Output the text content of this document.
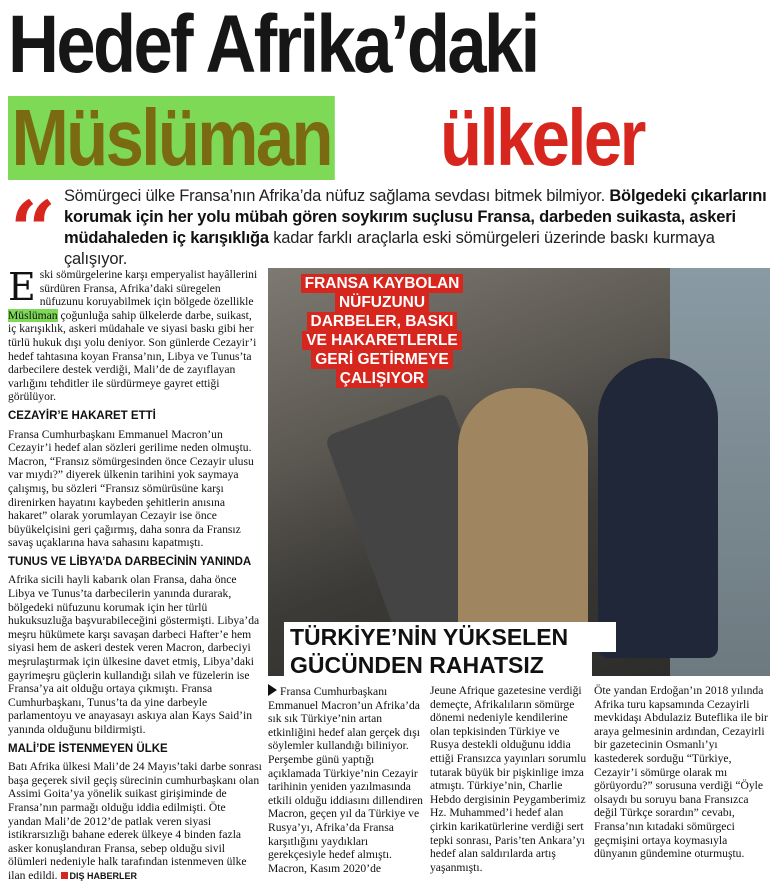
Hedef Afrika’daki
Müslüman ülkeler
“ Sömürgeci ülke Fransa’nın Afrika’da nüfuz sağlama sevdası bitmek bilmiyor. Bölgedeki çıkarlarını korumak için her yolu mübah gören soykırım suçlusu Fransa, darbeden suikasta, askeri müdahaleden iç karışıklığa kadar farklı araçlarla eski sömürgeleri üzerinde baskı kurmaya çalışıyor.

Eski sömürgelerine karşı emperyalist hayâllerini sürdüren Fransa, Afrika’daki süregelen nüfuzunu koruyabilmek için bölgede özellikle Müslüman çoğunluğa sahip ülkelerde darbe, suikast, iç karışıklık, askeri müdahale ve siyasi baskı gibi her türlü hukuk dışı yolu deniyor. Son günlerde Cezayir’i hedef tahtasına koyan Fransa’nın, Libya ve Tunus’ta darbecilere destek verdiği, Mali’de de zayıflayan varlığını tehditler ile sürdürmeye gayret ettiği görülüyor.

CEZAYİR’E HAKARET ETTİ

Fransa Cumhurbaşkanı Emmanuel Macron’un Cezayir’i hedef alan sözleri gerilime neden olmuştu. Macron, “Fransız sömürgesinden önce Cezayir ulusu var mıydı?” diyerek ülkenin tarihini yok saymaya çalışmış, bu sözleri “Fransız sömürüsüne karşı direnirken hayatını kaybeden şehitlerin anısına hakaret” olarak yorumlayan Cezayir ise önce büyükelçisini geri çağırmış, daha sonra da Fransız savaş uçaklarına hava sahasını kapatmıştı.

TUNUS VE LİBYA’DA DARBECİNİN YANINDA

Afrika sicili hayli kabarık olan Fransa, daha önce Libya ve Tunus’ta darbecilerin yanında durarak, bölgedeki nüfuzunu korumak için her türlü hukuksuzluğa başvurabileceğini göstermişti. Libya’da meşru hükümete karşı savaşan darbeci Hafter’e hem siyasi hem de askeri destek veren Macron, darbeciyi meşrulaştırmak için ülkesine davet etmiş, Libya’daki gayrimeşru güçlerin kullandığı silah ve füzelerin ise Fransa’ya ait olduğu ortaya çıkmıştı. Fransa Cumhurbaşkanı, Tunus’ta da yine darbeyle parlamentoyu ve anayasayı askıya alan Kays Said’in yanında olduğunu bildirmişti.

MALİ’DE İSTENMEYEN ÜLKE

Batı Afrika ülkesi Mali’de 24 Mayıs’taki darbe sonrası başa geçerek sivil geçiş sürecinin cumhurbaşkanı olan Assimi Goita’ya yönelik suikast girişiminde de Fransa’nın parmağı olduğu iddia edilmişti. Öte yandan Mali’de 2012’de patlak veren siyasi istikrarsızlığı bahane ederek ülkeye 4 binden fazla asker konuşlandıran Fransa, sebep olduğu sivil ölümleri nedeniyle halk tarafından istenmeven ülke ilan edildi. DIŞ HABERLER

FRANSA KAYBOLAN
NÜFUZUNU
DARBELER, BASKI
VE HAKARETLERLE
GERİ GETİRMEYE
ÇALIŞIYOR
TÜRKİYE’NİN YÜKSELEN
GÜCÜNDEN RAHATSIZ

Fransa Cumhurbaşkanı Emmanuel Macron’un Afrika’da sık sık Türkiye’nin artan etkinliğini hedef alan gerçek dışı söylemler kullandığı biliniyor. Perşembe günü yaptığı açıklamada Türkiye’nin Cezayir tarihinin yeniden yazılmasında etkili olduğu iddiasını dillendiren Macron, geçen yıl da Türkiye ve Rusya’yı, Afrika’da Fransa karşıtlığını yaydıkları gerekçesiyle hedef almıştı. Macron, Kasım 2020’de

Jeune Afrique gazetesine verdiği demeçte, Afrikalıların sömürge dönemi nedeniyle kendilerine olan tepkisinden Türkiye ve Rusya destekli olduğunu iddia ettiği Fransızca yayınları sorumlu tutarak büyük bir pişkinlige imza atmıştı. Türkiye’nin, Charlie Hebdo dergisinin Peygamberimiz Hz. Muhammed’i hedef alan çirkin karikatürlerine verdiği sert tepki sonrası, Paris’ten Ankara’yı hedef alan saldırılarda artış yaşanmıştı.

Öte yandan Erdoğan’ın 2018 yılında Afrika turu kapsamında Cezayirli mevkidaşı Abdulaziz Buteflika ile bir araya gelmesinin ardından, Cezayirli bir gazetecinin Osmanlı’yı kastederek sorduğu “Türkiye, Cezayir’i sömürge olarak mı görüyordu?” sorusuna verdiği “Öyle olsaydı bu soruyu bana Fransızca değil Türkçe sorardın” cevabı, Fransa’nın kıtadaki sömürgeci geçmişini ortaya koymasıyla dünyanın gündemine oturmuştu.
